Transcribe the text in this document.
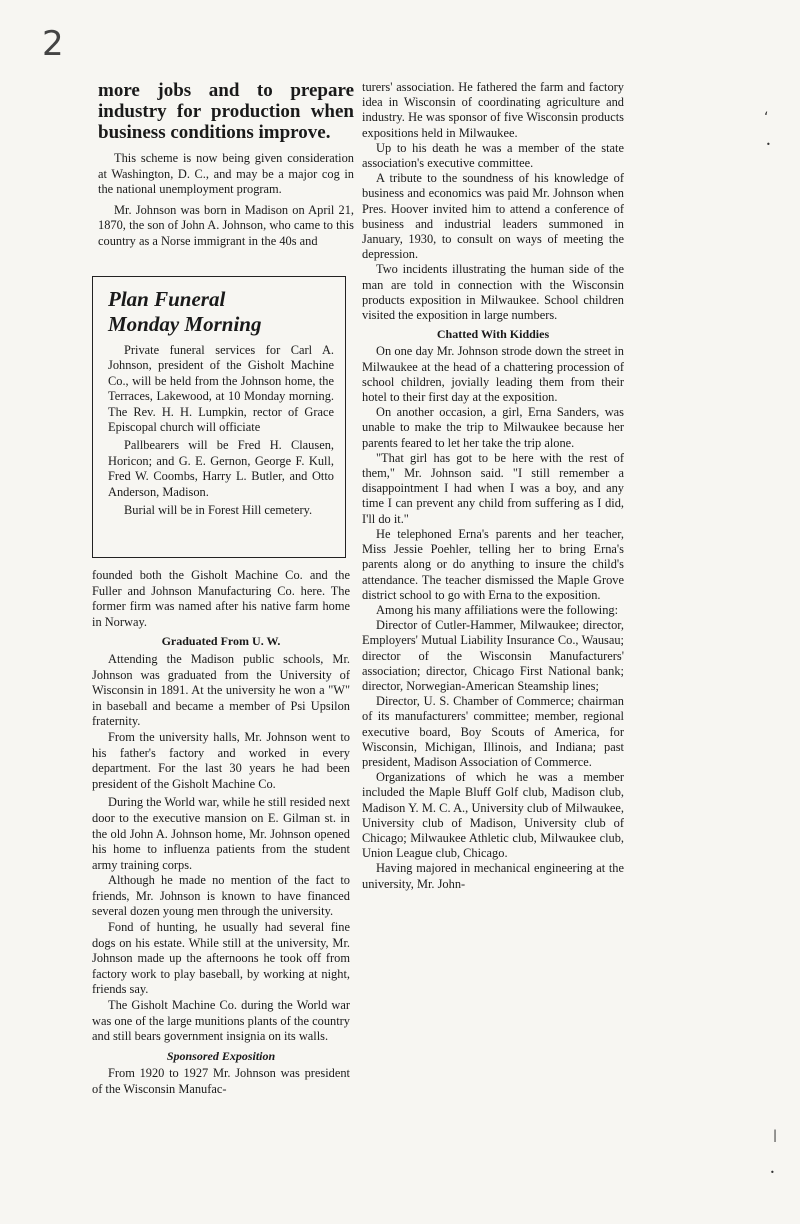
2

more jobs and to prepare industry for production when business conditions improve.

This scheme is now being given consideration at Washington, D. C., and may be a major cog in the national unemployment program.

Mr. Johnson was born in Madison on April 21, 1870, the son of John A. Johnson, who came to this country as a Norse immigrant in the 40s and

Plan Funeral
Monday Morning

Private funeral services for Carl A. Johnson, president of the Gisholt Machine Co., will be held from the Johnson home, the Terraces, Lakewood, at 10 Monday morning. The Rev. H. H. Lumpkin, rector of Grace Episcopal church will officiate

Pallbearers will be Fred H. Clausen, Horicon; and G. E. Gernon, George F. Kull, Fred W. Coombs, Harry L. Butler, and Otto Anderson, Madison.

Burial will be in Forest Hill cemetery.

founded both the Gisholt Machine Co. and the Fuller and Johnson Manufacturing Co. here. The former firm was named after his native farm home in Norway.

Graduated From U. W.

Attending the Madison public schools, Mr. Johnson was graduated from the University of Wisconsin in 1891. At the university he won a "W" in baseball and became a member of Psi Upsilon fraternity.

From the university halls, Mr. Johnson went to his father's factory and worked in every department. For the last 30 years he had been president of the Gisholt Machine Co.

During the World war, while he still resided next door to the executive mansion on E. Gilman st. in the old John A. Johnson home, Mr. Johnson opened his home to influenza patients from the student army training corps.

Although he made no mention of the fact to friends, Mr. Johnson is known to have financed several dozen young men through the university.

Fond of hunting, he usually had several fine dogs on his estate. While still at the university, Mr. Johnson made up the afternoons he took off from factory work to play baseball, by working at night, friends say.

The Gisholt Machine Co. during the World war was one of the large munitions plants of the country and still bears government insignia on its walls.

Sponsored Exposition

From 1920 to 1927 Mr. Johnson was president of the Wisconsin Manufac-

turers' association. He fathered the farm and factory idea in Wisconsin of coordinating agriculture and industry. He was sponsor of five Wisconsin products expositions held in Milwaukee.

Up to his death he was a member of the state association's executive committee.

A tribute to the soundness of his knowledge of business and economics was paid Mr. Johnson when Pres. Hoover invited him to attend a conference of business and industrial leaders summoned in January, 1930, to consult on ways of meeting the depression.

Two incidents illustrating the human side of the man are told in connection with the Wisconsin products exposition in Milwaukee. School children visited the exposition in large numbers.

Chatted With Kiddies

On one day Mr. Johnson strode down the street in Milwaukee at the head of a chattering procession of school children, jovially leading them from their hotel to their first day at the exposition.

On another occasion, a girl, Erna Sanders, was unable to make the trip to Milwaukee because her parents feared to let her take the trip alone.

"That girl has got to be here with the rest of them," Mr. Johnson said. "I still remember a disappointment I had when I was a boy, and any time I can prevent any child from suffering as I did, I'll do it."

He telephoned Erna's parents and her teacher, Miss Jessie Poehler, telling her to bring Erna's parents along or do anything to insure the child's attendance. The teacher dismissed the Maple Grove district school to go with Erna to the exposition.

Among his many affiliations were the following:

Director of Cutler-Hammer, Milwaukee; director, Employers' Mutual Liability Insurance Co., Wausau; director of the Wisconsin Manufacturers' association; director, Chicago First National bank; director, Norwegian-American Steamship lines;

Director, U. S. Chamber of Commerce; chairman of its manufacturers' committee; member, regional executive board, Boy Scouts of America, for Wisconsin, Michigan, Illinois, and Indiana; past president, Madison Association of Commerce.

Organizations of which he was a member included the Maple Bluff Golf club, Madison club, Madison Y. M. C. A., University club of Milwaukee, University club of Madison, University club of Chicago; Milwaukee Athletic club, Milwaukee club, Union League club, Chicago.

Having majored in mechanical engineering at the university, Mr. John-

‘
•
|
•
